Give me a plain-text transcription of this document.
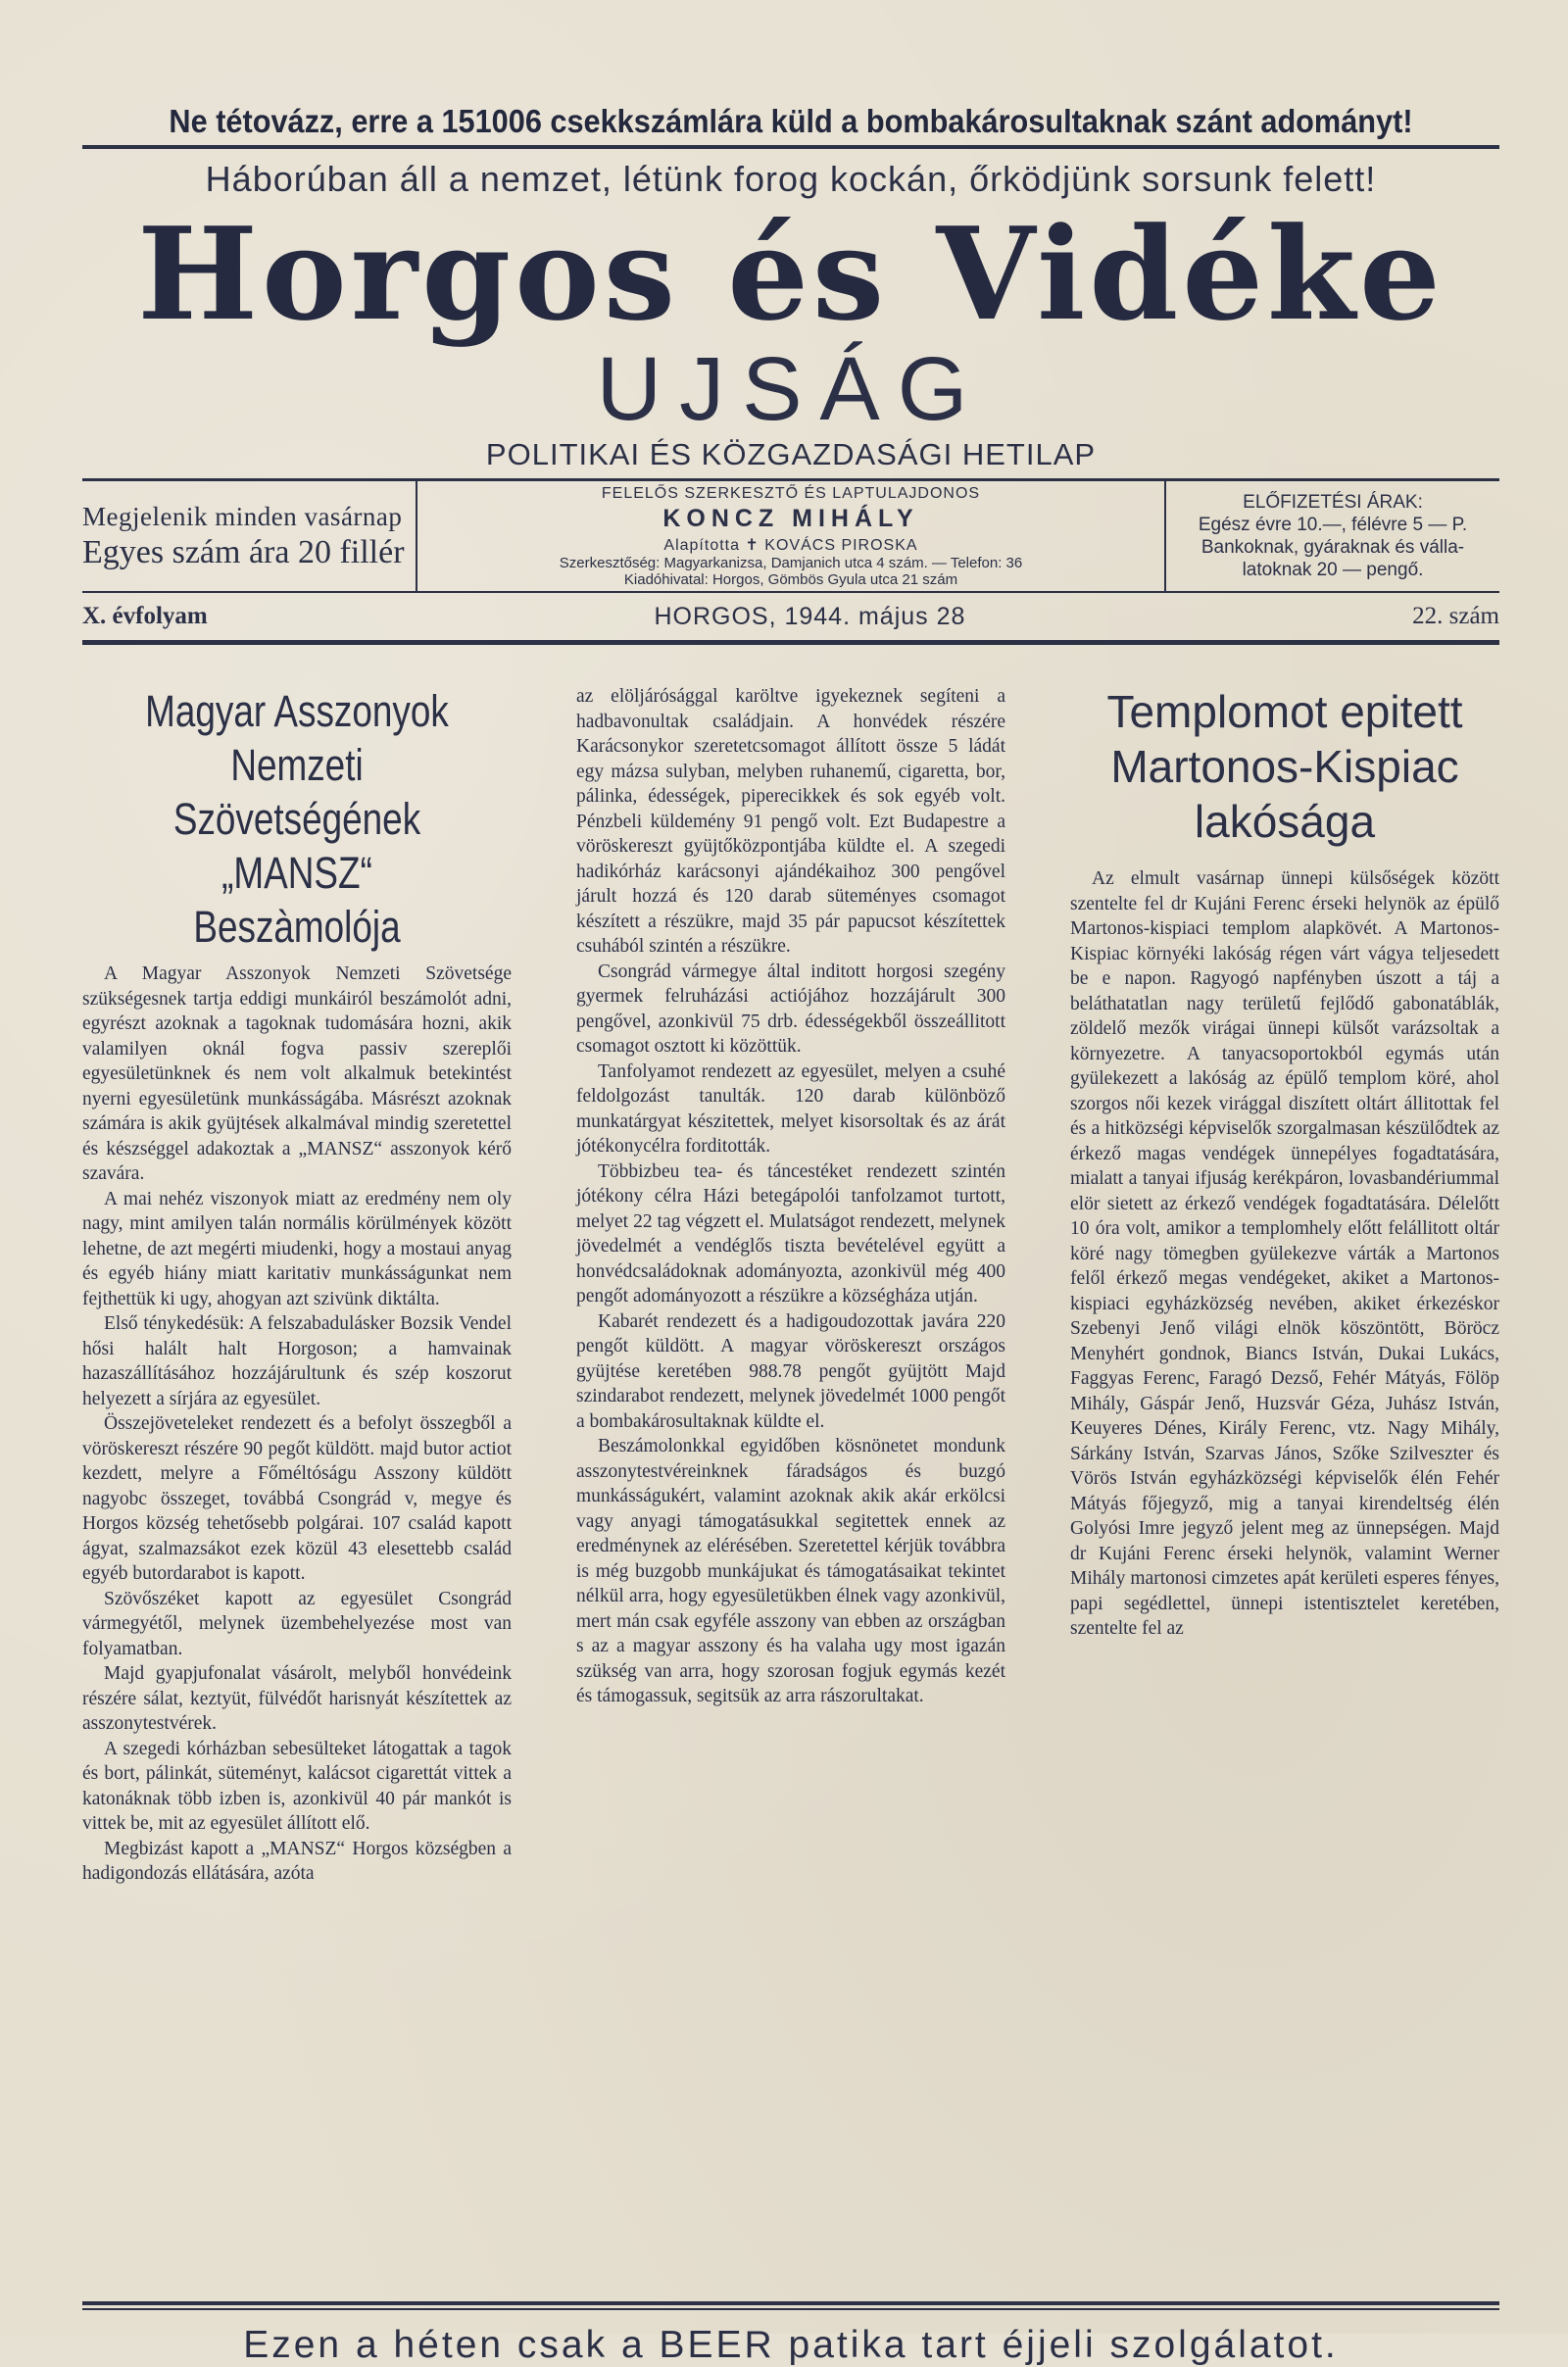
Ne tétovázz, erre a 151006 csekkszámlára küld a bombakárosultaknak szánt adományt!
Háborúban áll a nemzet, létünk forog kockán, őrködjünk sorsunk felett!
Horgos és Vidéke
UJSÁG
POLITIKAI ÉS KÖZGAZDASÁGI HETILAP
Megjelenik minden vasárnap
Egyes szám ára 20 fillér
FELELŐS SZERKESZTŐ ÉS LAPTULAJDONOS
KONCZ MIHÁLY
Alapította ✝ KOVÁCS PIROSKA
Szerkesztőség: Magyarkanizsa, Damjanich utca 4 szám. — Telefon: 36
Kiadóhivatal: Horgos, Gömbös Gyula utca 21 szám
ELŐFIZETÉSI ÁRAK:
Egész évre 10.—, félévre 5 — P.
Bankoknak, gyáraknak és válla-
latoknak 20 — pengő.
X. évfolyam	HORGOS, 1944. május 28	22. szám
Magyar Asszonyok Nemzeti Szövetségének „MANSZ“ Beszàmolója

A Magyar Asszonyok Nemzeti Szövetsége szükségesnek tartja eddigi munkáiról beszámolót adni, egyrészt azoknak a tagoknak tudomására hozni, akik valamilyen oknál fogva passiv szereplői egyesületünknek és nem volt alkalmuk betekintést nyerni egyesületünk munkásságába. Másrészt azoknak számára is akik gyüjtések alkalmával mindig szeretettel és készséggel adakoztak a „MANSZ“ asszonyok kérő szavára.

A mai nehéz viszonyok miatt az eredmény nem oly nagy, mint amilyen talán normális körülmények között lehetne, de azt megérti miudenki, hogy a mostaui anyag és egyéb hiány miatt karitativ munkásságunkat nem fejthettük ki ugy, ahogyan azt szivünk diktálta.

Első ténykedésük: A felszabadulásker Bozsik Vendel hősi halált halt Horgoson; a hamvainak hazaszállításához hozzájárultunk és szép koszorut helyezett a sírjára az egyesület.

Összejöveteleket rendezett és a befolyt összegből a vöröskereszt részére 90 pegőt küldött. majd butor actiot kezdett, melyre a Főméltóságu Asszony küldött nagyobc összeget, továbbá Csongrád v, megye és Horgos község tehetősebb polgárai. 107 család kapott ágyat, szalmazsákot ezek közül 43 elesettebb család egyéb butordarabot is kapott.

Szövőszéket kapott az egyesület Csongrád vármegyétől, melynek üzembehelyezése most van folyamatban.

Majd gyapjufonalat vásárolt, melyből honvédeink részére sálat, keztyüt, fülvédőt harisnyát készítettek az asszonytestvérek.

A szegedi kórházban sebesülteket látogattak a tagok és bort, pálinkát, süteményt, kalácsot cigarettát vittek a katonáknak több izben is, azonkivül 40 pár mankót is vittek be, mit az egyesület állított elő.

Megbizást kapott a „MANSZ“ Horgos községben a hadigondozás ellátására, azóta

az elöljárósággal karöltve igyekeznek segíteni a hadbavonultak családjain. A honvédek részére Karácsonykor szeretetcsomagot állított össze 5 ládát egy mázsa sulyban, melyben ruhanemű, cigaretta, bor, pálinka, édességek, piperecikkek és sok egyéb volt. Pénzbeli küldemény 91 pengő volt. Ezt Budapestre a vöröskereszt gyüjtőközpontjába küldte el. A szegedi hadikórház karácsonyi ajándékaihoz 300 pengővel járult hozzá és 120 darab süteményes csomagot készített a részükre, majd 35 pár papucsot készítettek csuhából szintén a részükre.

Csongrád vármegye által inditott horgosi szegény gyermek felruházási actiójához hozzájárult 300 pengővel, azonkivül 75 drb. édességekből összeállitott csomagot osztott ki közöttük.

Tanfolyamot rendezett az egyesület, melyen a csuhé feldolgozást tanulták. 120 darab különböző munkatárgyat készitettek, melyet kisorsoltak és az árát jótékonycélra forditották.

Többizbeu tea- és táncestéket rendezett szintén jótékony célra Házi betegápolói tanfolzamot turtott, melyet 22 tag végzett el. Mulatságot rendezett, melynek jövedelmét a vendéglős tiszta bevételével együtt a honvédcsaládoknak adományozta, azonkivül még 400 pengőt adományozott a részükre a községháza utján.

Kabarét rendezett és a hadigoudozottak javára 220 pengőt küldött. A magyar vöröskereszt országos gyüjtése keretében 988.78 pengőt gyüjtött Majd szindarabot rendezett, melynek jövedelmét 1000 pengőt a bombakárosultaknak küldte el.

Beszámolonkkal egyidőben kösnönetet mondunk asszonytestvéreinknek fáradságos és buzgó munkásságukért, valamint azoknak akik akár erkölcsi vagy anyagi támogatásukkal segitettek ennek az eredménynek az elérésében. Szeretettel kérjük továbbra is még buzgobb munkájukat és támogatásaikat tekintet nélkül arra, hogy egyesületükben élnek vagy azonkivül, mert mán csak egyféle asszony van ebben az országban s az a magyar asszony és ha valaha ugy most igazán szükség van arra, hogy szorosan fogjuk egymás kezét és támogassuk, segitsük az arra rászorultakat.

Templomot epitett Martonos-Kispiac lakósága

Az elmult vasárnap ünnepi külsőségek között szentelte fel dr Kujáni Ferenc érseki helynök az épülő Martonos-kispiaci templom alapkövét. A Martonos-Kispiac környéki lakóság régen várt vágya teljesedett be e napon. Ragyogó napfényben úszott a táj a beláthatatlan nagy területű fejlődő gabonatáblák, zöldelő mezők virágai ünnepi külsőt varázsoltak a környezetre. A tanyacsoportokból egymás után gyülekezett a lakóság az épülő templom köré, ahol szorgos női kezek virággal diszített oltárt állitottak fel és a hitközségi képviselők szorgalmasan készülődtek az érkező magas vendégek ünnepélyes fogadtatására, mialatt a tanyai ifjuság kerékpáron, lovasbandériummal elör sietett az érkező vendégek fogadtatására. Délelőtt 10 óra volt, amikor a templomhely előtt felállitott oltár köré nagy tömegben gyülekezve várták a Martonos felől érkező megas vendégeket, akiket a Martonos-kispiaci egyházközség nevében, akiket érkezéskor Szebenyi Jenő világi elnök köszöntött, Böröcz Menyhért gondnok, Biancs István, Dukai Lukács, Faggyas Ferenc, Faragó Dezső, Fehér Mátyás, Fölöp Mihály, Gáspár Jenő, Huzsvár Géza, Juhász István, Keuyeres Dénes, Király Ferenc, vtz. Nagy Mihály, Sárkány István, Szarvas János, Szőke Szilveszter és Vörös István egyházközségi képviselők élén Fehér Mátyás főjegyző, mig a tanyai kirendeltség élén Golyósi Imre jegyző jelent meg az ünnepségen. Majd dr Kujáni Ferenc érseki helynök, valamint Werner Mihály martonosi cimzetes apát kerületi esperes fényes, papi segédlettel, ünnepi istentisztelet keretében, szentelte fel az

Ezen a héten csak a BEER patika tart éjjeli szolgálatot.
